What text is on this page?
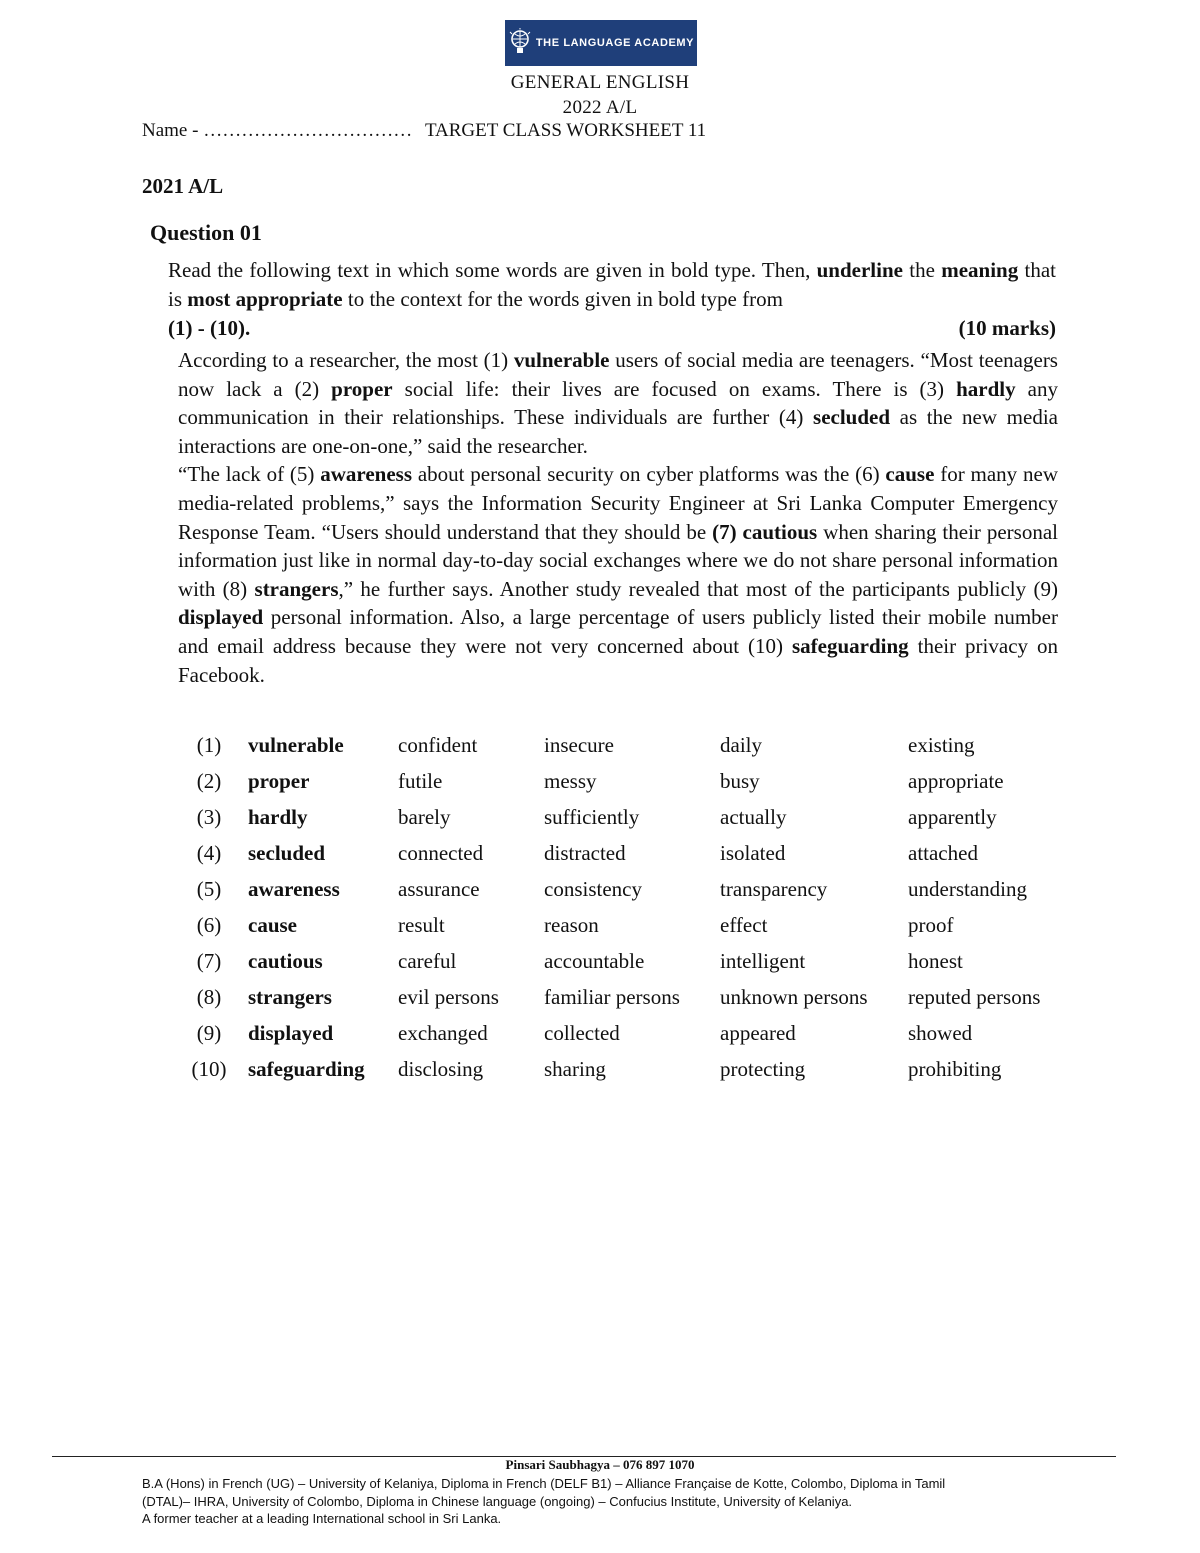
THE LANGUAGE ACADEMY
GENERAL ENGLISH
2022 A/L
Name - …………………………… TARGET CLASS WORKSHEET 11
2021 A/L
Question 01
Read the following text in which some words are given in bold type. Then, underline the meaning that is most appropriate to the context for the words given in bold type from
(1) - (10).	(10 marks)

According to a researcher, the most (1) vulnerable users of social media are teenagers. “Most teenagers now lack a (2) proper social life: their lives are focused on exams. There is (3) hardly any communication in their relationships. These individuals are further (4) secluded as the new media interactions are one-on-one,” said the researcher.

“The lack of (5) awareness about personal security on cyber platforms was the (6) cause for many new media-related problems,” says the Information Security Engineer at Sri Lanka Computer Emergency Response Team. “Users should understand that they should be (7) cautious when sharing their personal information just like in normal day-to-day social exchanges where we do not share personal information with (8) strangers,” he further says. Another study revealed that most of the participants publicly (9) displayed personal information. Also, a large percentage of users publicly listed their mobile number and email address because they were not very concerned about (10) safeguarding their privacy on Facebook.

(1)	vulnerable	confident	insecure	daily	existing
(2)	proper	futile	messy	busy	appropriate
(3)	hardly	barely	sufficiently	actually	apparently
(4)	secluded	connected	distracted	isolated	attached
(5)	awareness	assurance	consistency	transparency	understanding
(6)	cause	result	reason	effect	proof
(7)	cautious	careful	accountable	intelligent	honest
(8)	strangers	evil persons	familiar persons	unknown persons	reputed persons
(9)	displayed	exchanged	collected	appeared	showed
(10)	safeguarding	disclosing	sharing	protecting	prohibiting
Pinsari Saubhagya – 076 897 1070
B.A (Hons) in French (UG) – University of Kelaniya, Diploma in French (DELF B1) – Alliance Française de Kotte, Colombo, Diploma in Tamil
(DTAL)– IHRA, University of Colombo, Diploma in Chinese language (ongoing) – Confucius Institute, University of Kelaniya.
A former teacher at a leading International school in Sri Lanka.
